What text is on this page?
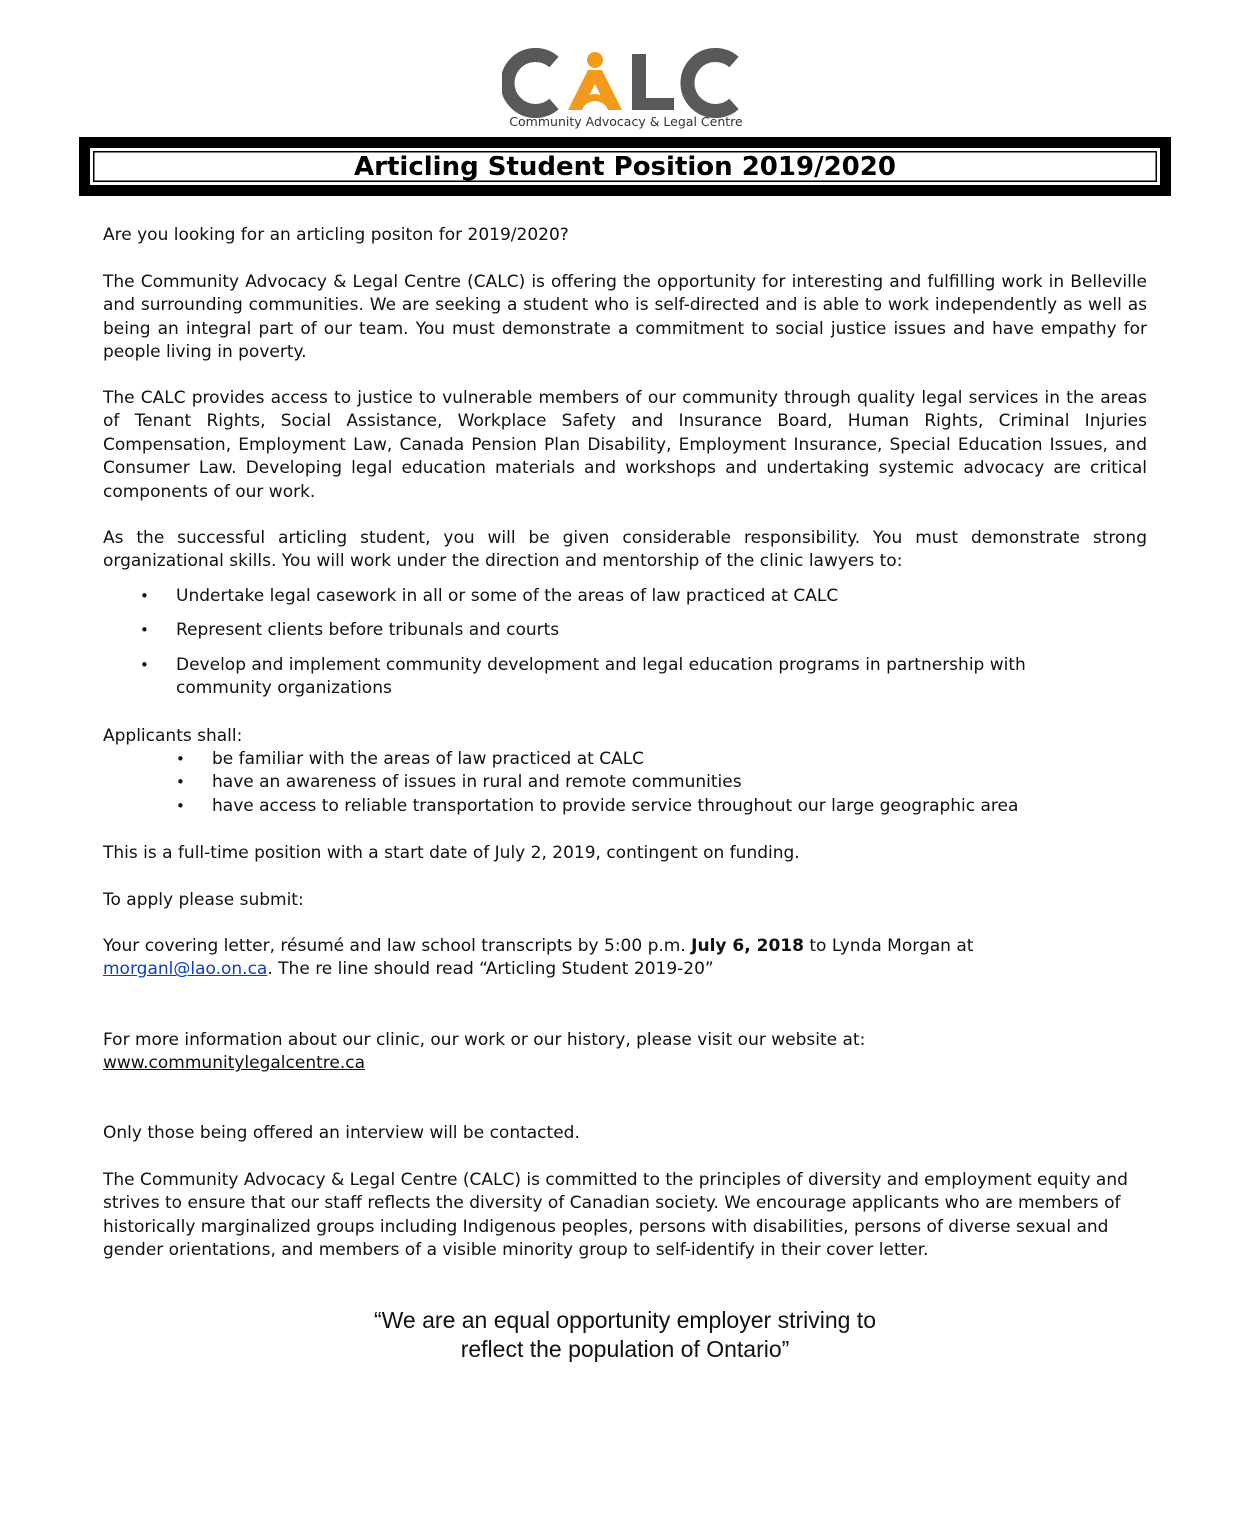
Community Advocacy & Legal Centre
Articling Student Position 2019/2020

Are you looking for an articling positon for 2019/2020?

The Community Advocacy & Legal Centre (CALC) is offering the opportunity for interesting and fulfilling work in Belleville and surrounding communities. We are seeking a student who is self-directed and is able to work independently as well as being an integral part of our team. You must demonstrate a commitment to social justice issues and have empathy for people living in poverty.

The CALC provides access to justice to vulnerable members of our community through quality legal services in the areas of Tenant Rights, Social Assistance, Workplace Safety and Insurance Board, Human Rights, Criminal Injuries Compensation, Employment Law, Canada Pension Plan Disability, Employment Insurance, Special Education Issues, and Consumer Law. Developing legal education materials and workshops and undertaking systemic advocacy are critical components of our work.

As the successful articling student, you will be given considerable responsibility. You must demonstrate strong organizational skills. You will work under the direction and mentorship of the clinic lawyers to:

• Undertake legal casework in all or some of the areas of law practiced at CALC
• Represent clients before tribunals and courts
• Develop and implement community development and legal education programs in partnership with community organizations

Applicants shall:

• be familiar with the areas of law practiced at CALC
• have an awareness of issues in rural and remote communities
• have access to reliable transportation to provide service throughout our large geographic area

This is a full-time position with a start date of July 2, 2019, contingent on funding.

To apply please submit:

Your covering letter, résumé and law school transcripts by 5:00 p.m. July 6, 2018 to Lynda Morgan at
morganl@lao.on.ca. The re line should read “Articling Student 2019-20”

For more information about our clinic, our work or our history, please visit our website at:
www.communitylegalcentre.ca

Only those being offered an interview will be contacted.

The Community Advocacy & Legal Centre (CALC) is committed to the principles of diversity and employment equity and strives to ensure that our staff reflects the diversity of Canadian society. We encourage applicants who are members of historically marginalized groups including Indigenous peoples, persons with disabilities, persons of diverse sexual and gender orientations, and members of a visible minority group to self-identify in their cover letter.

“We are an equal opportunity employer striving to
reflect the population of Ontario”
